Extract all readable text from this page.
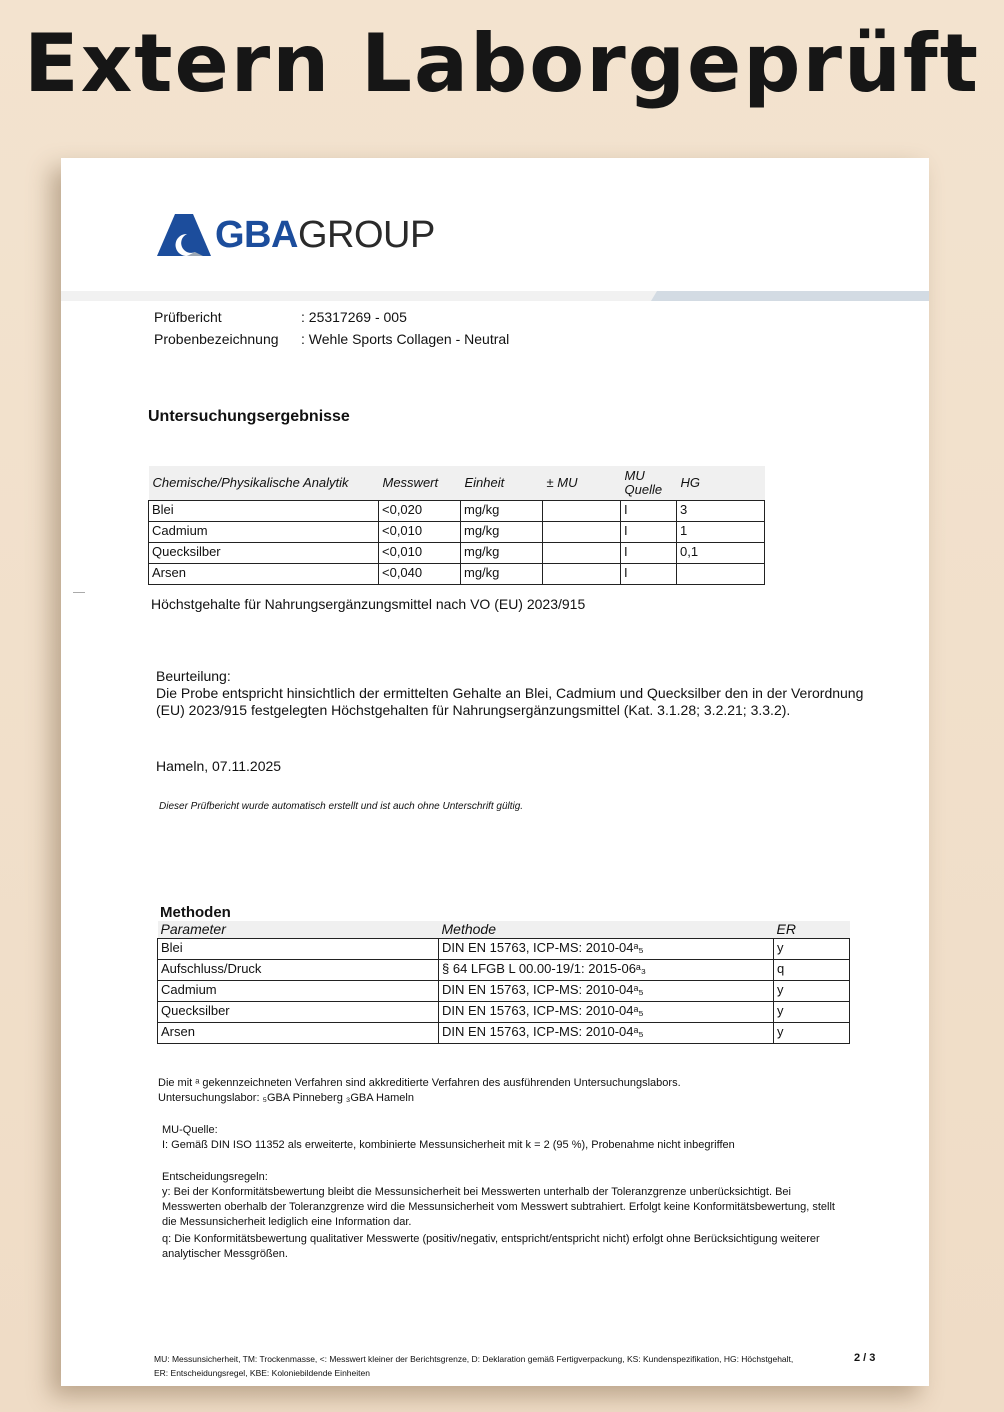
Extern Laborgeprüft
GBA GROUP
Prüfbericht	: 25317269 - 005
Probenbezeichnung : Wehle Sports Collagen - Neutral
Untersuchungsergebnisse
Chemische/Physikalische Analytik	Messwert	Einheit	± MU	MU Quelle	HG
Blei	<0,020	mg/kg		I	3
Cadmium	<0,010	mg/kg		I	1
Quecksilber	<0,010	mg/kg		I	0,1
Arsen	<0,040	mg/kg		I	
Höchstgehalte für Nahrungsergänzungsmittel nach VO (EU) 2023/915
Beurteilung:
Die Probe entspricht hinsichtlich der ermittelten Gehalte an Blei, Cadmium und Quecksilber den in der Verordnung (EU) 2023/915 festgelegten Höchstgehalten für Nahrungsergänzungsmittel (Kat. 3.1.28; 3.2.21; 3.3.2).
Hameln, 07.11.2025
Dieser Prüfbericht wurde automatisch erstellt und ist auch ohne Unterschrift gültig.
Methoden
Parameter	Methode	ER
Blei	DIN EN 15763, ICP-MS: 2010-04ᵃ₅	y
Aufschluss/Druck	§ 64 LFGB L 00.00-19/1: 2015-06ᵃ₃	q
Cadmium	DIN EN 15763, ICP-MS: 2010-04ᵃ₅	y
Quecksilber	DIN EN 15763, ICP-MS: 2010-04ᵃ₅	y
Arsen	DIN EN 15763, ICP-MS: 2010-04ᵃ₅	y
Die mit ᵃ gekennzeichneten Verfahren sind akkreditierte Verfahren des ausführenden Untersuchungslabors.
Untersuchungslabor: ₅GBA Pinneberg ₃GBA Hameln
MU-Quelle:
I: Gemäß DIN ISO 11352 als erweiterte, kombinierte Messunsicherheit mit k = 2 (95 %), Probenahme nicht inbegriffen
Entscheidungsregeln:
y: Bei der Konformitätsbewertung bleibt die Messunsicherheit bei Messwerten unterhalb der Toleranzgrenze unberücksichtigt. Bei Messwerten oberhalb der Toleranzgrenze wird die Messunsicherheit vom Messwert subtrahiert. Erfolgt keine Konformitätsbewertung, stellt die Messunsicherheit lediglich eine Information dar.
q: Die Konformitätsbewertung qualitativer Messwerte (positiv/negativ, entspricht/entspricht nicht) erfolgt ohne Berücksichtigung weiterer analytischer Messgrößen.
MU: Messunsicherheit, TM: Trockenmasse, <: Messwert kleiner der Berichtsgrenze, D: Deklaration gemäß Fertigverpackung, KS: Kundenspezifikation, HG: Höchstgehalt,
ER: Entscheidungsregel, KBE: Koloniebildende Einheiten
2 / 3
